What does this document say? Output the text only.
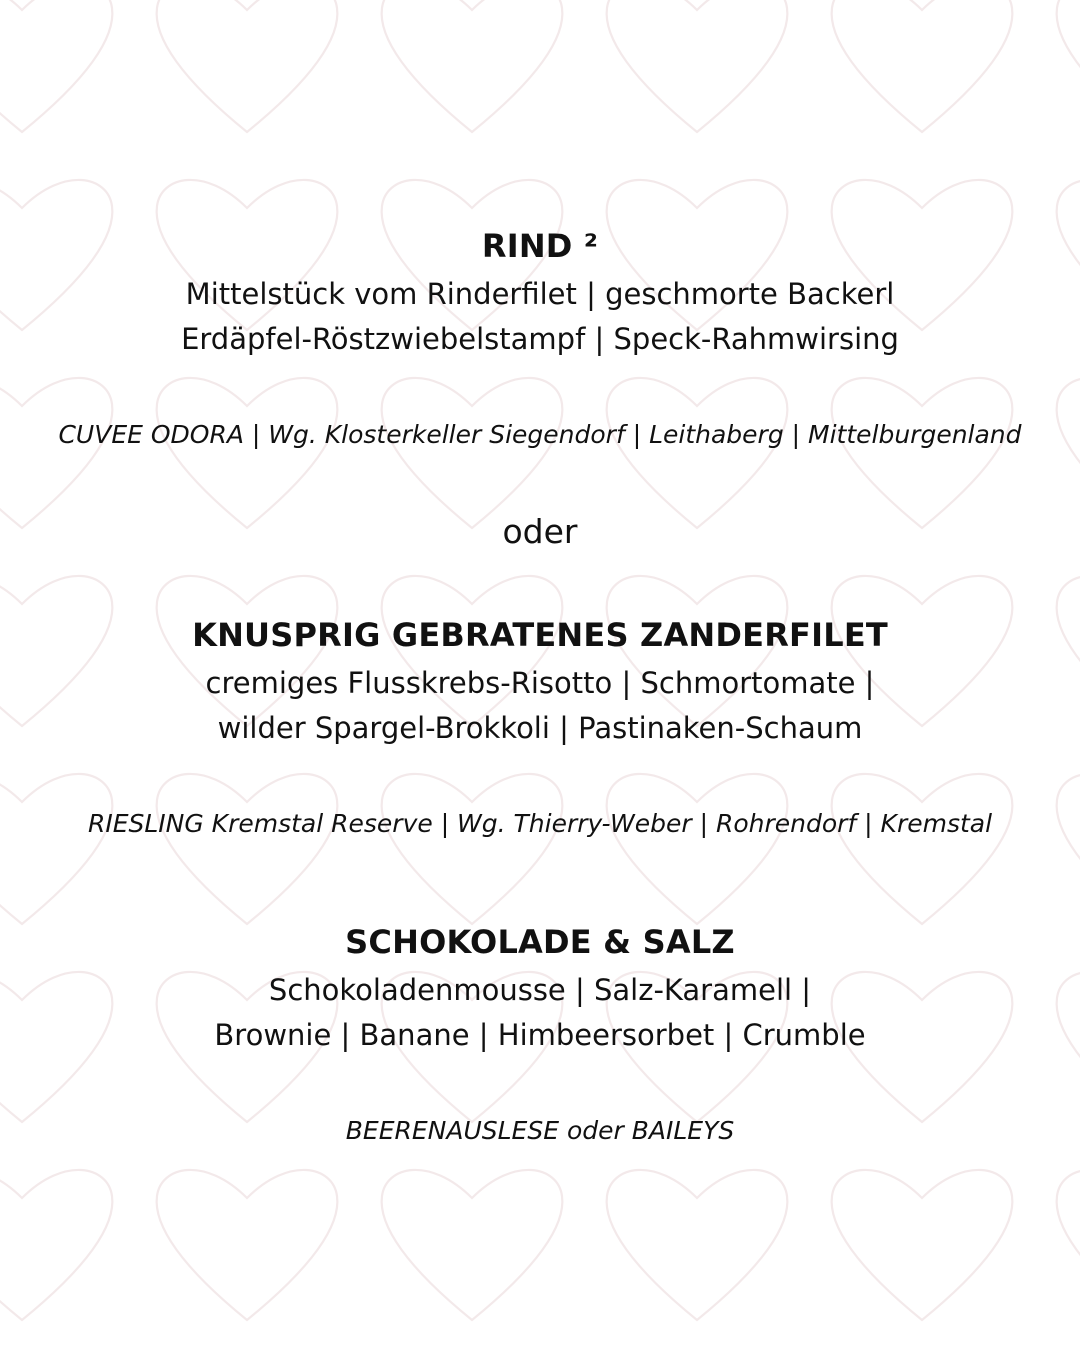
RIND ²

Mittelstück vom Rinderfilet | geschmorte Backerl

Erdäpfel-Röstzwiebelstampf | Speck-Rahmwirsing

CUVEE ODORA | Wg. Klosterkeller Siegendorf | Leithaberg | Mittelburgenland

oder

KNUSPRIG GEBRATENES ZANDERFILET

cremiges Flusskrebs-Risotto | Schmortomate |

wilder Spargel-Brokkoli | Pastinaken-Schaum

RIESLING Kremstal Reserve | Wg. Thierry-Weber | Rohrendorf | Kremstal

SCHOKOLADE & SALZ

Schokoladenmousse | Salz-Karamell |

Brownie | Banane | Himbeersorbet | Crumble

BEERENAUSLESE oder BAILEYS
